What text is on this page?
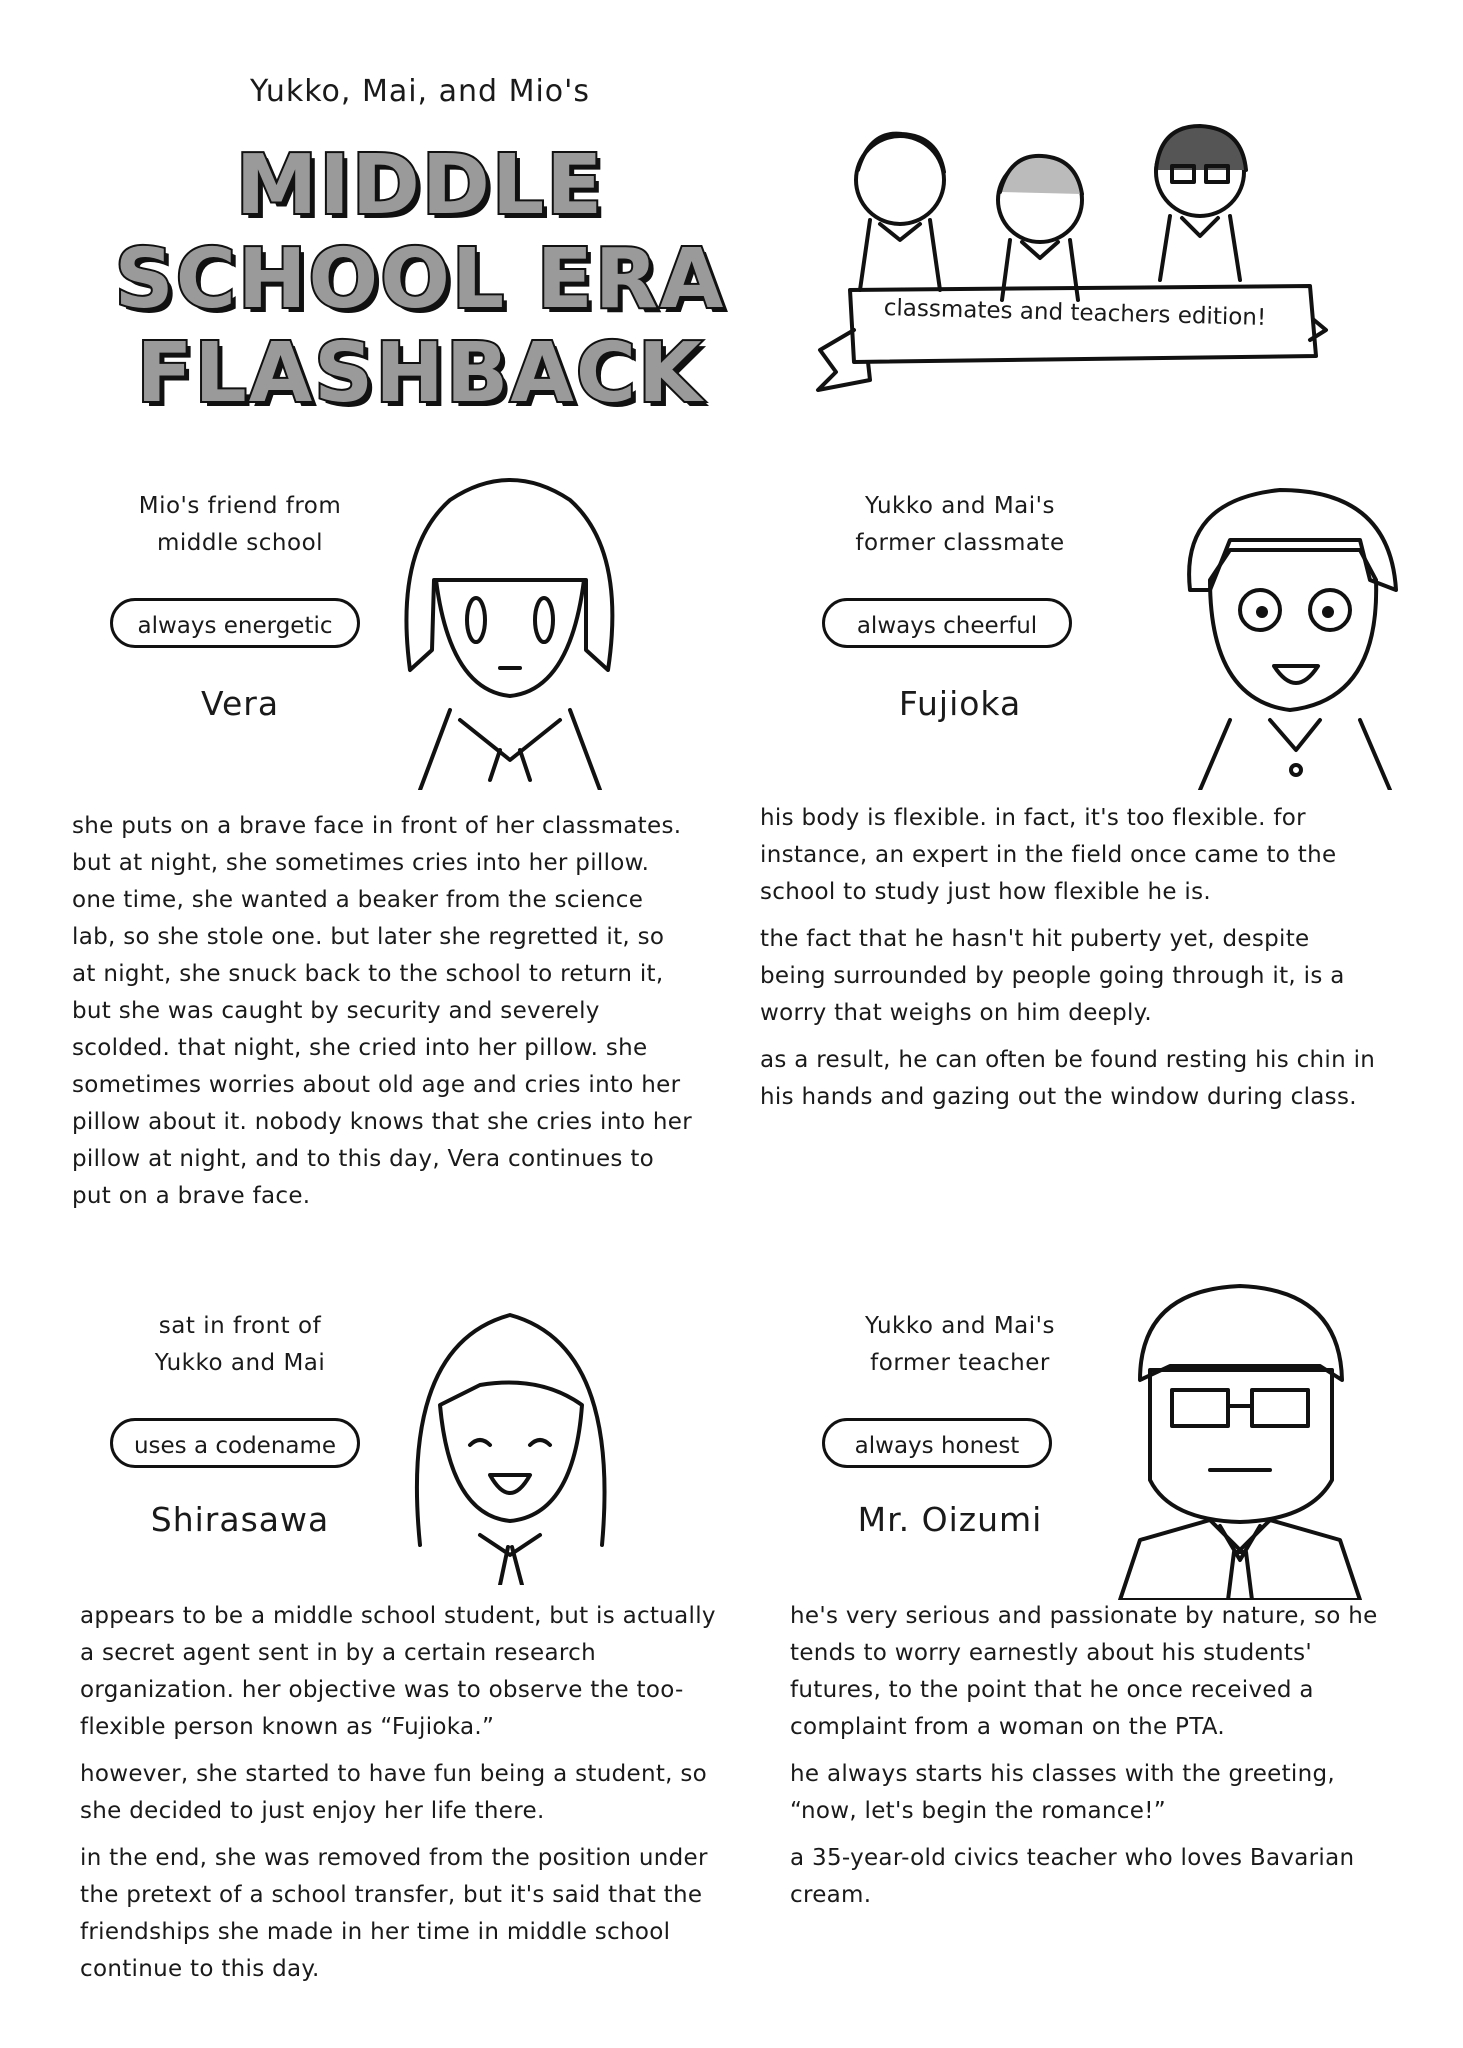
Yukko, Mai, and Mio's
MIDDLE
SCHOOL ERA
FLASHBACK
classmates and teachers edition!
Mio's friend from
middle school
always energetic
Vera

she puts on a brave face in front of her classmates. but at night, she sometimes cries into her pillow. one time, she wanted a beaker from the science lab, so she stole one. but later she regretted it, so at night, she snuck back to the school to return it, but she was caught by security and severely scolded. that night, she cried into her pillow. she sometimes worries about old age and cries into her pillow about it. nobody knows that she cries into her pillow at night, and to this day, Vera continues to put on a brave face.

Yukko and Mai's
former classmate
always cheerful
Fujioka

his body is flexible. in fact, it's too flexible. for instance, an expert in the field once came to the school to study just how flexible he is.

the fact that he hasn't hit puberty yet, despite being surrounded by people going through it, is a worry that weighs on him deeply.

as a result, he can often be found resting his chin in his hands and gazing out the window during class.

sat in front of
Yukko and Mai
uses a codename
Shirasawa

appears to be a middle school student, but is actually a secret agent sent in by a certain research organization. her objective was to observe the too-flexible person known as “Fujioka.”

however, she started to have fun being a student, so she decided to just enjoy her life there.

in the end, she was removed from the position under the pretext of a school transfer, but it's said that the friendships she made in her time in middle school continue to this day.

Yukko and Mai's
former teacher
always honest
Mr. Oizumi

he's very serious and passionate by nature, so he tends to worry earnestly about his students' futures, to the point that he once received a complaint from a woman on the PTA.

he always starts his classes with the greeting, “now, let's begin the romance!”

a 35-year-old civics teacher who loves Bavarian cream.
